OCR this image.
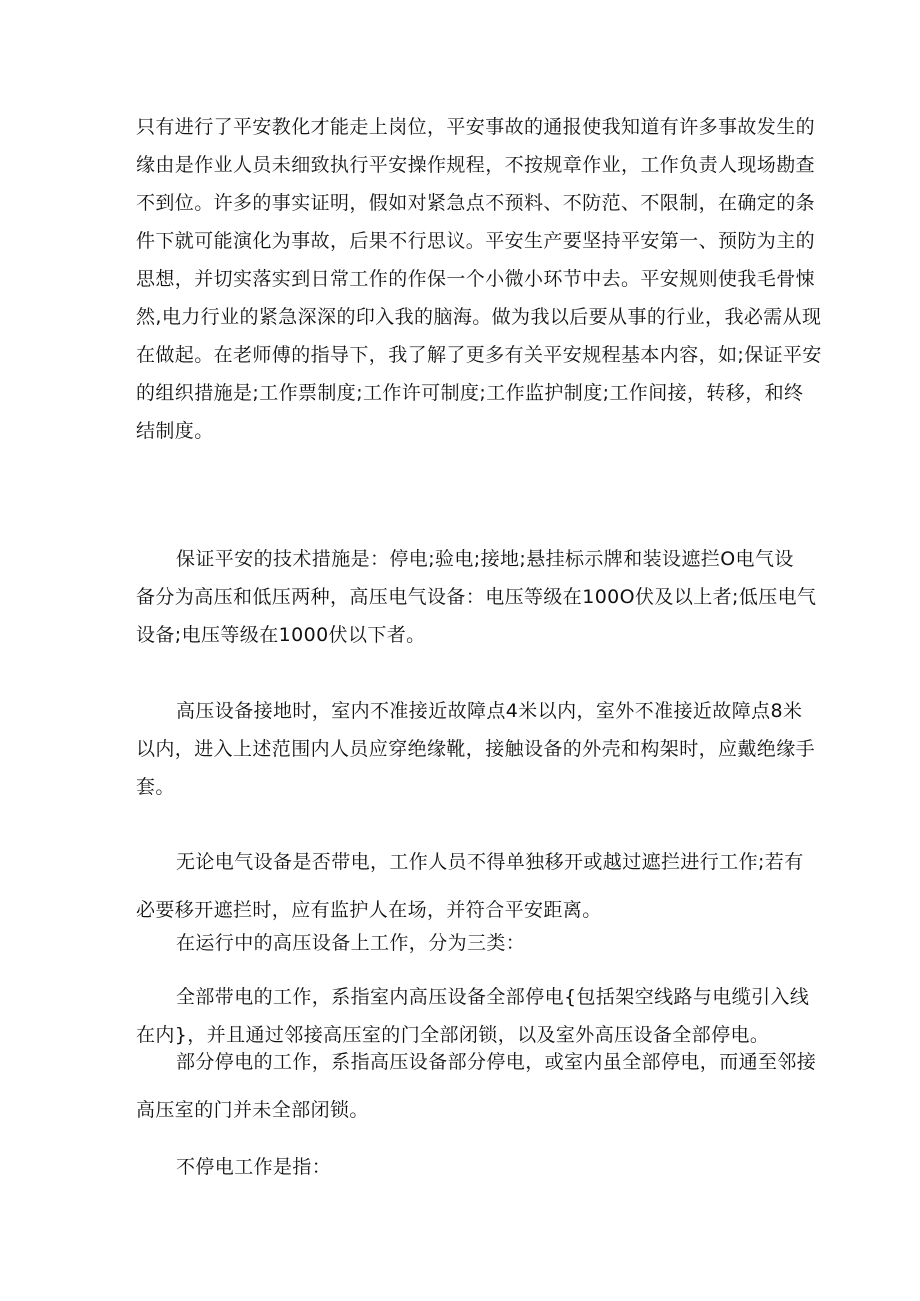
只有进行了平安教化才能走上岗位，平安事故的通报使我知道有许多事故发生的
缘由是作业人员未细致执行平安操作规程，不按规章作业，工作负责人现场勘查
不到位。许多的事实证明，假如对紧急点不预料、不防范、不限制，在确定的条
件下就可能演化为事故，后果不行思议。平安生产要坚持平安第一、预防为主的
思想，并切实落实到日常工作的作保一个小微小环节中去。平安规则使我毛骨悚
然,电力行业的紧急深深的印入我的脑海。做为我以后要从事的行业，我必需从现
在做起。在老师傅的指导下，我了解了更多有关平安规程基本内容，如;保证平安
的组织措施是;工作票制度;工作许可制度;工作监护制度;工作间接，转移，和终
结制度。

保证平安的技术措施是：停电;验电;接地;悬挂标示牌和装设遮拦O电气设
备分为高压和低压两种，高压电气设备：电压等级在100O伏及以上者;低压电气
设备;电压等级在1000伏以下者。

高压设备接地时，室内不准接近故障点4米以内，室外不准接近故障点8米
以内，进入上述范围内人员应穿绝缘靴，接触设备的外壳和构架时，应戴绝缘手
套。

无论电气设备是否带电，工作人员不得单独移开或越过遮拦进行工作;若有
必要移开遮拦时，应有监护人在场，并符合平安距离。

在运行中的高压设备上工作，分为三类：

全部带电的工作，系指室内高压设备全部停电{包括架空线路与电缆引入线
在内}，并且通过邻接高压室的门全部闭锁，以及室外高压设备全部停电。

部分停电的工作，系指高压设备部分停电，或室内虽全部停电，而通至邻接
高压室的门并未全部闭锁。

不停电工作是指：
